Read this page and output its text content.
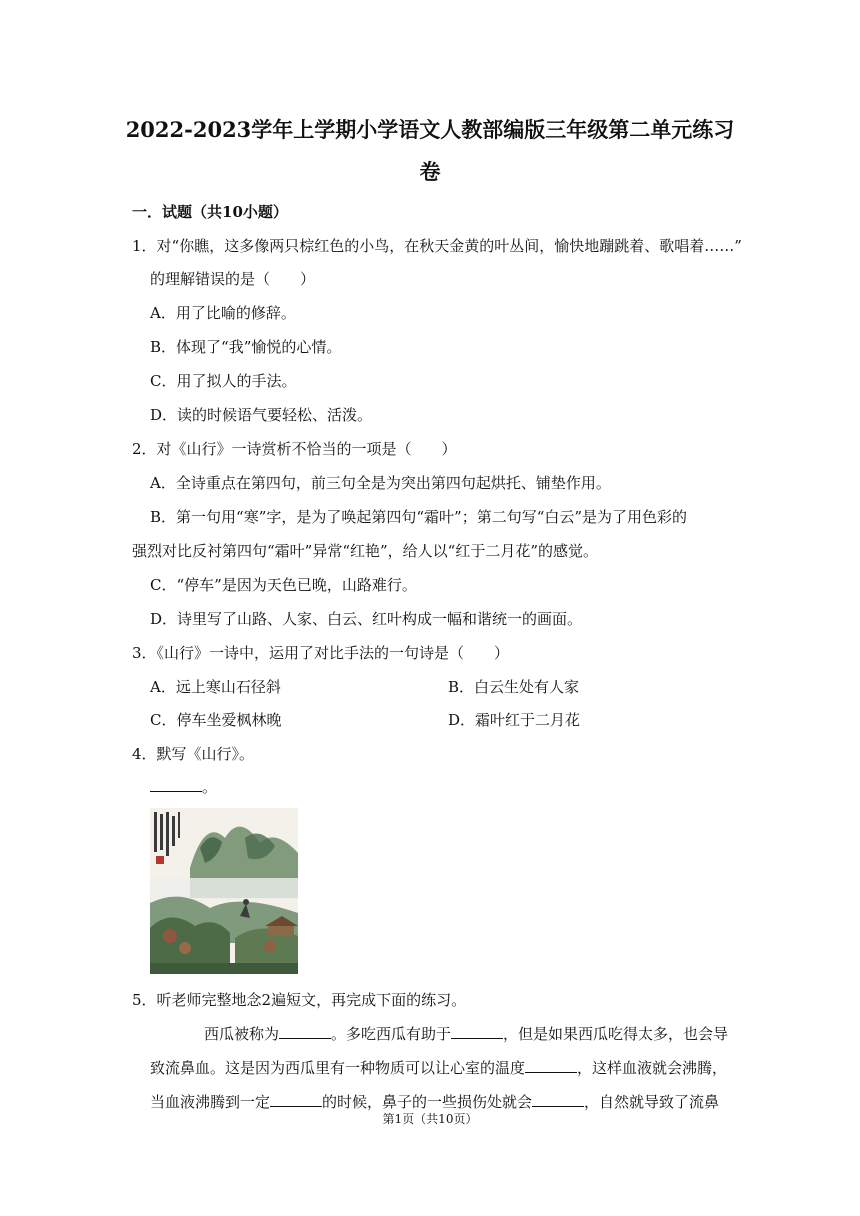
2022-2023学年上学期小学语文人教部编版三年级第二单元练习
卷
一．试题（共10小题）
1．对“你瞧，这多像两只棕红色的小鸟，在秋天金黄的叶丛间，愉快地蹦跳着、歌唱着……”
的理解错误的是（　　）
A．用了比喻的修辞。
B．体现了“我”愉悦的心情。
C．用了拟人的手法。
D．读的时候语气要轻松、活泼。
2．对《山行》一诗赏析不恰当的一项是（　　）
A．全诗重点在第四句，前三句全是为突出第四句起烘托、铺垫作用。
B．第一句用“寒”字，是为了唤起第四句“霜叶”；第二句写“白云”是为了用色彩的
强烈对比反衬第四句“霜叶”异常“红艳”，给人以“红于二月花”的感觉。
C．“停车”是因为天色已晚，山路难行。
D．诗里写了山路、人家、白云、红叶构成一幅和谐统一的画面。
3．《山行》一诗中，运用了对比手法的一句诗是（　　）
A．远上寒山石径斜	B．白云生处有人家
C．停车坐爱枫林晚	D．霜叶红于二月花
4．默写《山行》。
。
5．听老师完整地念2遍短文，再完成下面的练习。
西瓜被称为	。多吃西瓜有助于	，但是如果西瓜吃得太多，也会导
致流鼻血。这是因为西瓜里有一种物质可以让心室的温度	，这样血液就会沸腾，
当血液沸腾到一定	的时候，鼻子的一些损伤处就会	，自然就导致了流鼻
第1页（共10页）
